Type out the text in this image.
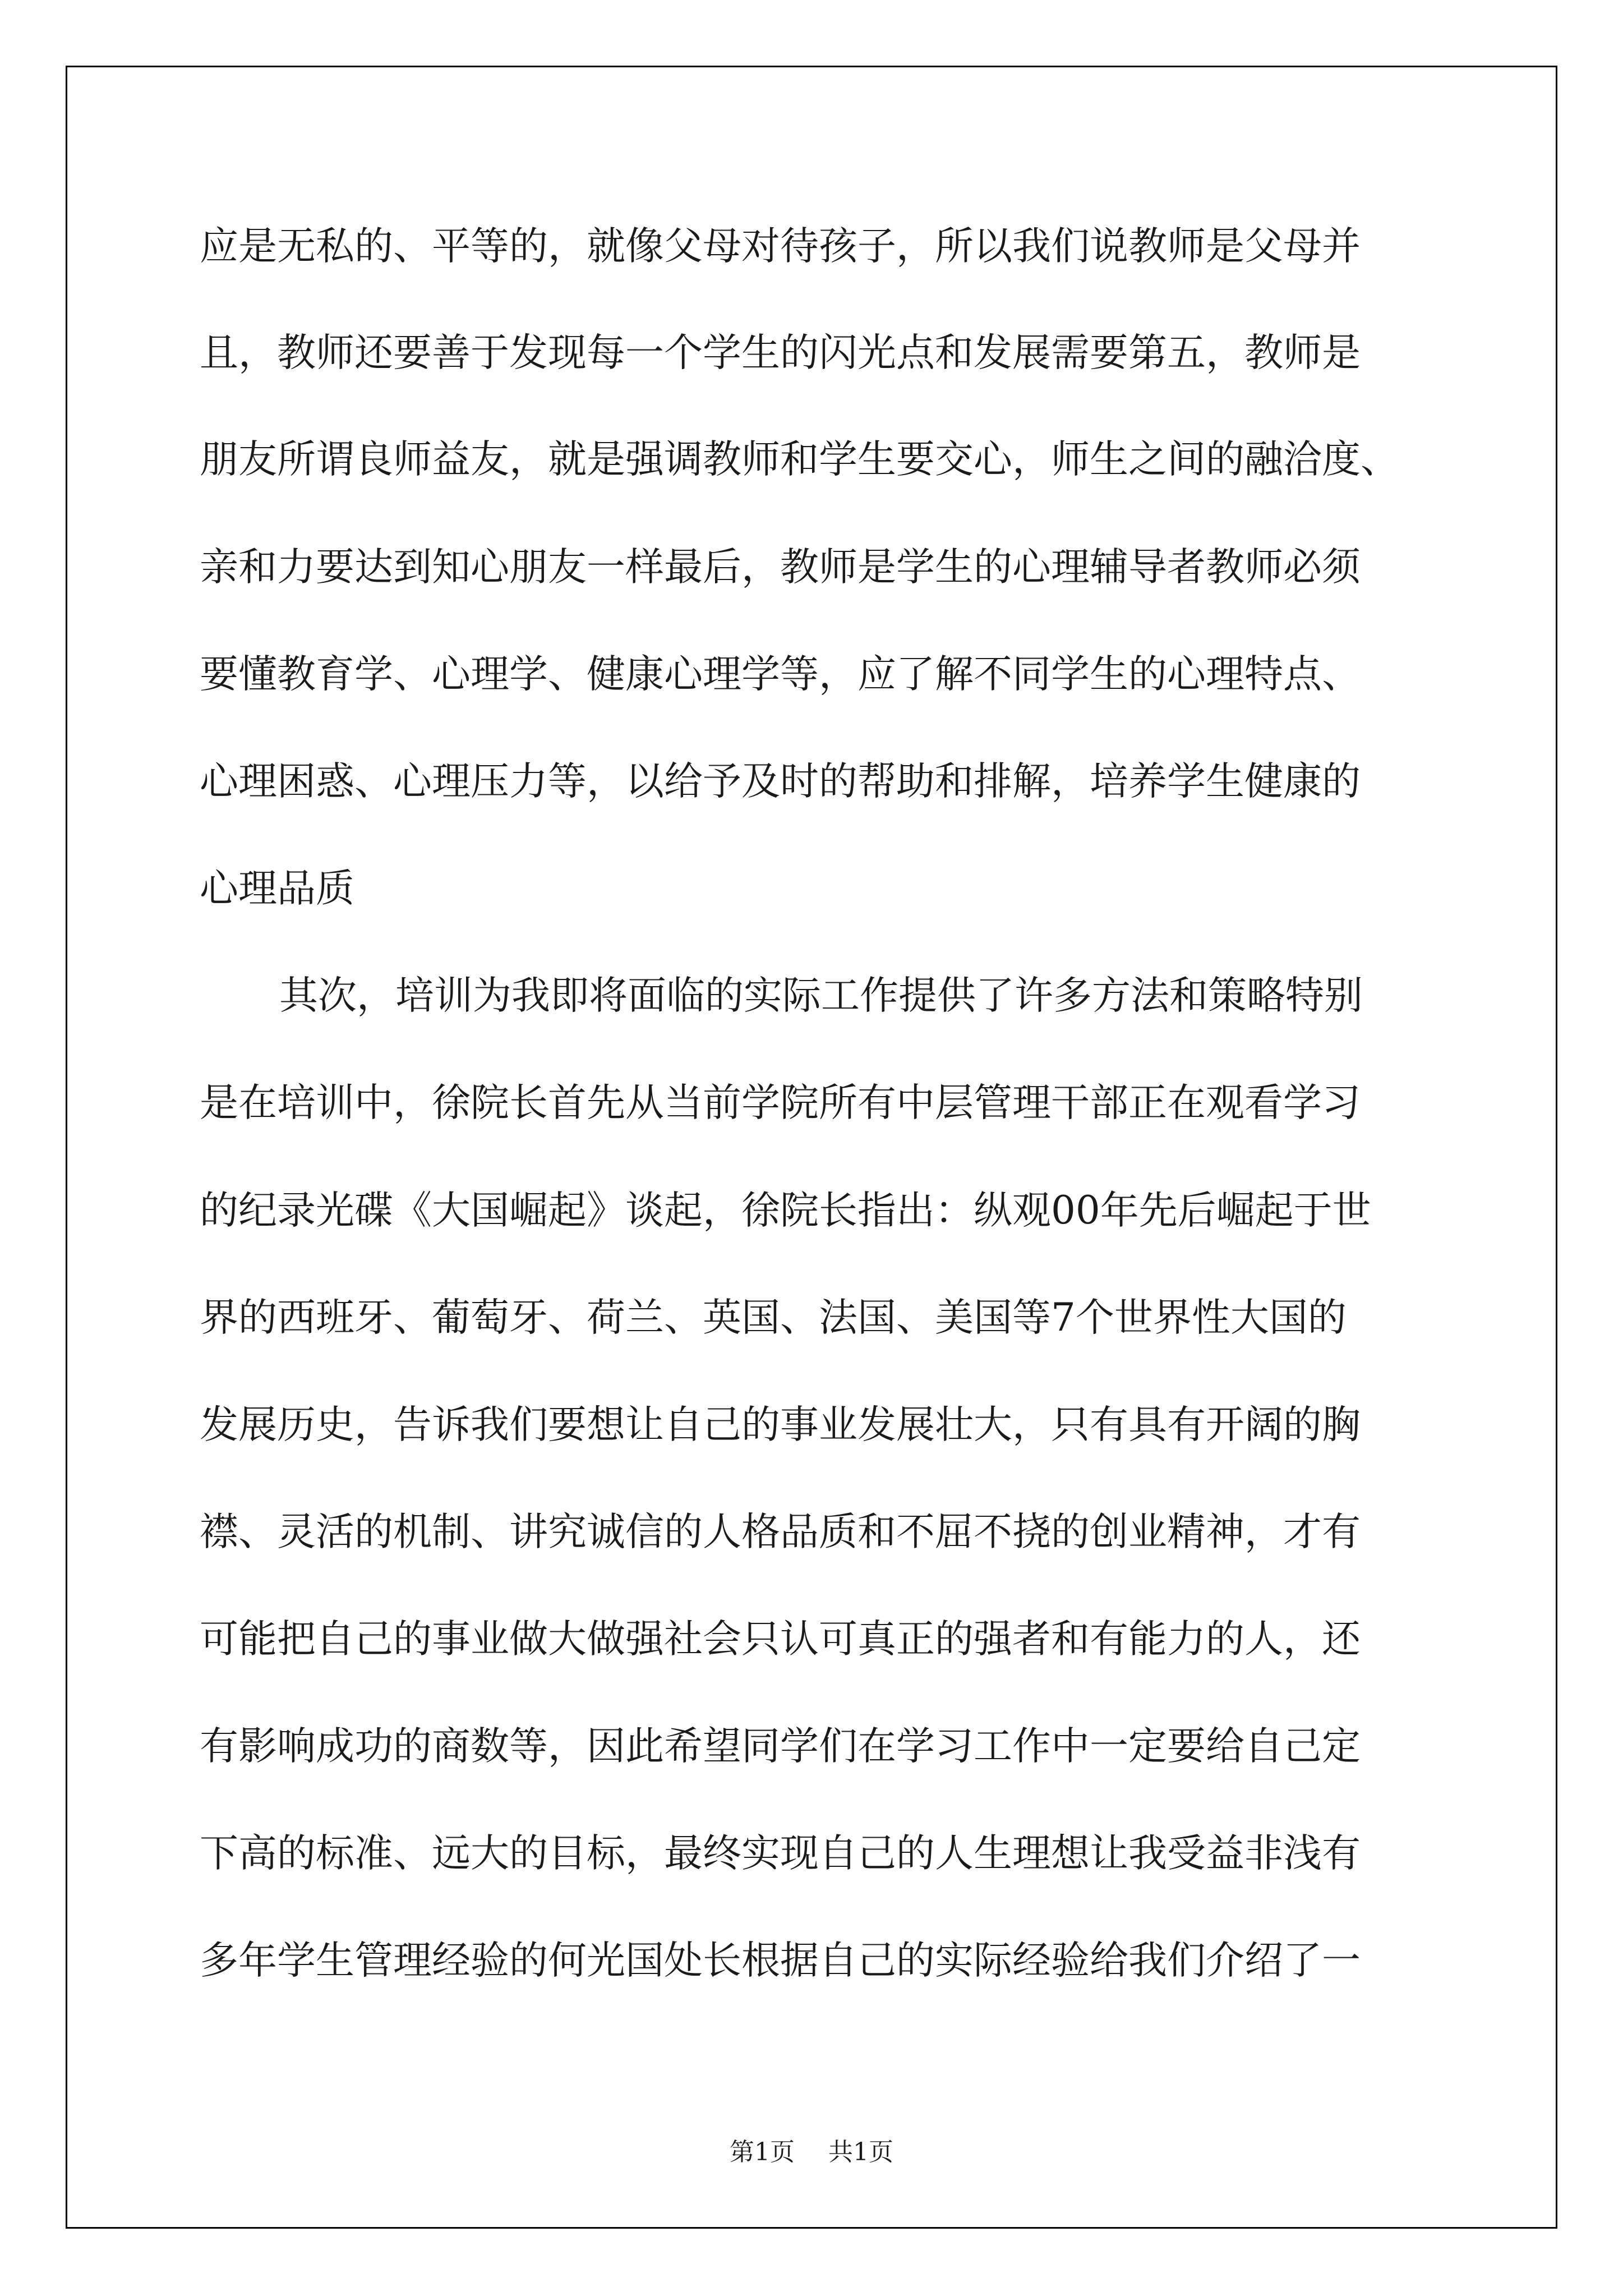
应是无私的、平等的，就像父母对待孩子，所以我们说教师是父母并
且，教师还要善于发现每一个学生的闪光点和发展需要第五，教师是
朋友所谓良师益友，就是强调教师和学生要交心，师生之间的融洽度、
亲和力要达到知心朋友一样最后，教师是学生的心理辅导者教师必须
要懂教育学、心理学、健康心理学等，应了解不同学生的心理特点、
心理困惑、心理压力等，以给予及时的帮助和排解，培养学生健康的
心理品质
其次，培训为我即将面临的实际工作提供了许多方法和策略特别
是在培训中，徐院长首先从当前学院所有中层管理干部正在观看学习
的纪录光碟《大国崛起》谈起，徐院长指出：纵观00年先后崛起于世
界的西班牙、葡萄牙、荷兰、英国、法国、美国等7个世界性大国的
发展历史，告诉我们要想让自己的事业发展壮大，只有具有开阔的胸
襟、灵活的机制、讲究诚信的人格品质和不屈不挠的创业精神，才有
可能把自己的事业做大做强社会只认可真正的强者和有能力的人，还
有影响成功的商数等，因此希望同学们在学习工作中一定要给自己定
下高的标准、远大的目标，最终实现自己的人生理想让我受益非浅有
多年学生管理经验的何光国处长根据自己的实际经验给我们介绍了一
第1页 共1页
